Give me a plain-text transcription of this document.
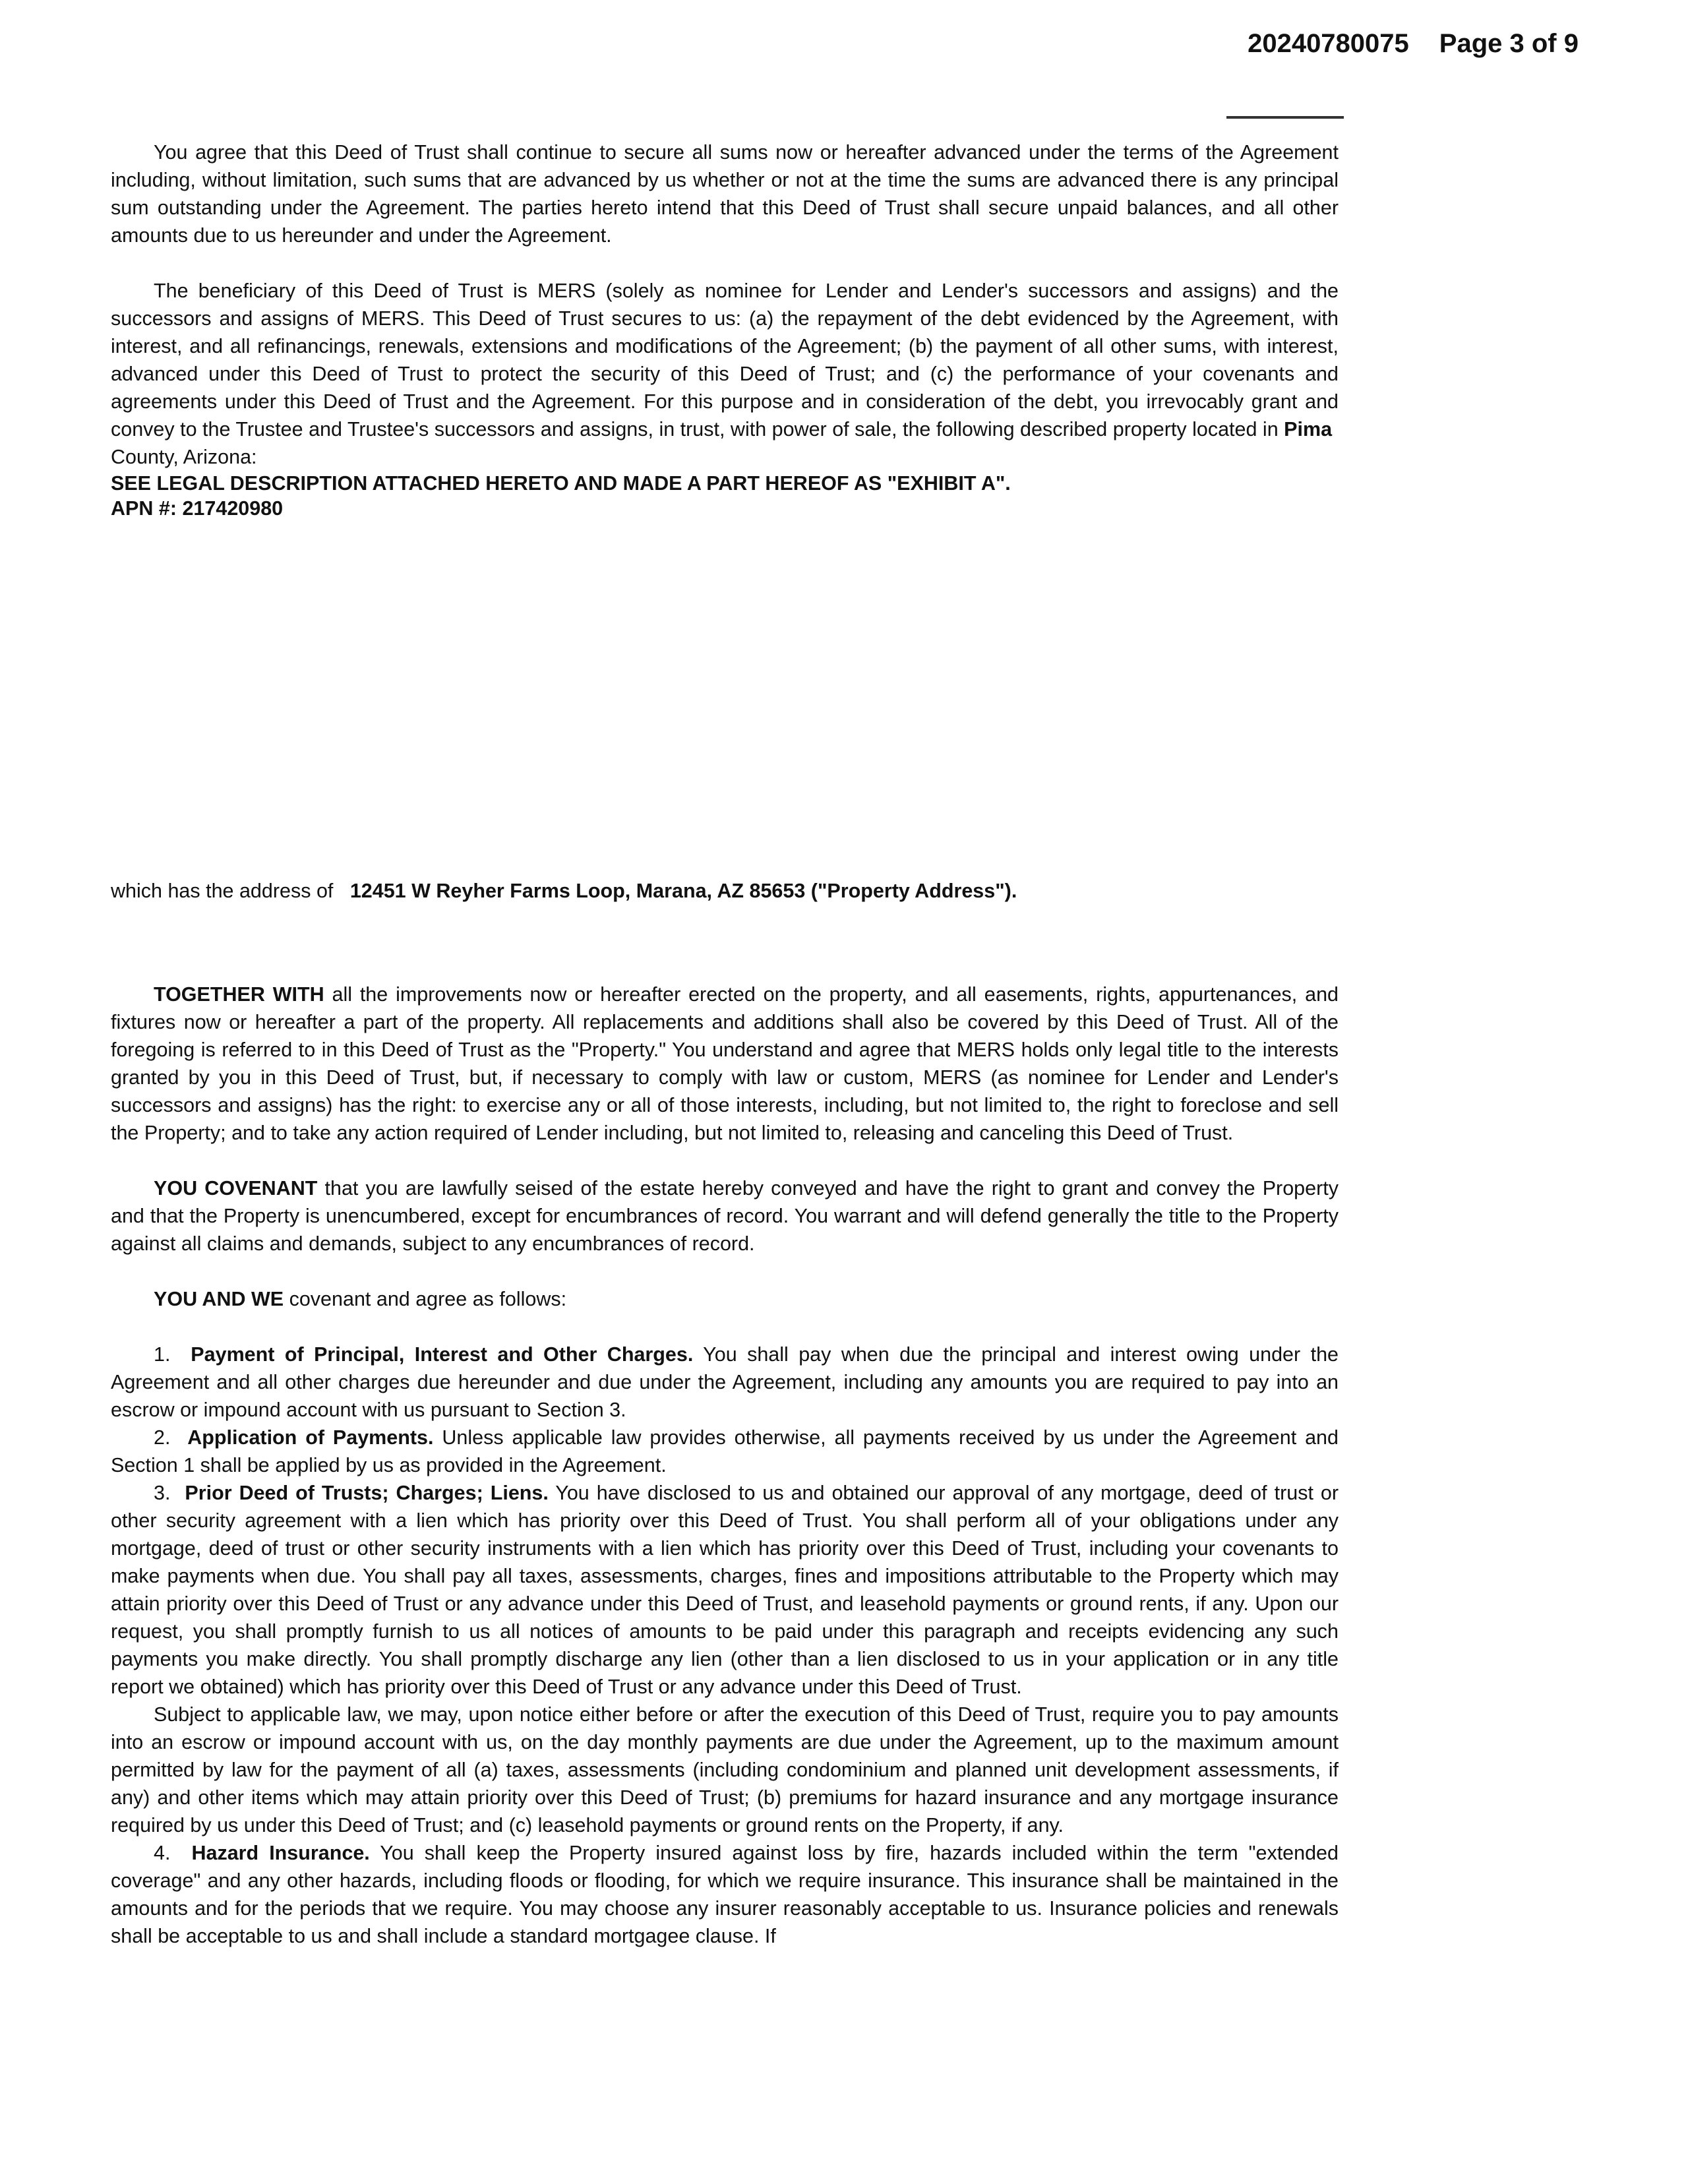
20240780075 Page 3 of 9

You agree that this Deed of Trust shall continue to secure all sums now or hereafter advanced under the terms of the Agreement including, without limitation, such sums that are advanced by us whether or not at the time the sums are advanced there is any principal sum outstanding under the Agreement. The parties hereto intend that this Deed of Trust shall secure unpaid balances, and all other amounts due to us hereunder and under the Agreement.

The beneficiary of this Deed of Trust is MERS (solely as nominee for Lender and Lender's successors and assigns) and the successors and assigns of MERS. This Deed of Trust secures to us: (a) the repayment of the debt evidenced by the Agreement, with interest, and all refinancings, renewals, extensions and modifications of the Agreement; (b) the payment of all other sums, with interest, advanced under this Deed of Trust to protect the security of this Deed of Trust; and (c) the performance of your covenants and agreements under this Deed of Trust and the Agreement. For this purpose and in consideration of the debt, you irrevocably grant and convey to the Trustee and Trustee's successors and assigns, in trust, with power of sale, the following described property located in Pima

County, Arizona:

SEE LEGAL DESCRIPTION ATTACHED HERETO AND MADE A PART HEREOF AS "EXHIBIT A".

APN #: 217420980

which has the address of 12451 W Reyher Farms Loop, Marana, AZ 85653 ("Property Address").

TOGETHER WITH all the improvements now or hereafter erected on the property, and all easements, rights, appurtenances, and fixtures now or hereafter a part of the property. All replacements and additions shall also be covered by this Deed of Trust. All of the foregoing is referred to in this Deed of Trust as the "Property." You understand and agree that MERS holds only legal title to the interests granted by you in this Deed of Trust, but, if necessary to comply with law or custom, MERS (as nominee for Lender and Lender's successors and assigns) has the right: to exercise any or all of those interests, including, but not limited to, the right to foreclose and sell the Property; and to take any action required of Lender including, but not limited to, releasing and canceling this Deed of Trust.

YOU COVENANT that you are lawfully seised of the estate hereby conveyed and have the right to grant and convey the Property and that the Property is unencumbered, except for encumbrances of record. You warrant and will defend generally the title to the Property against all claims and demands, subject to any encumbrances of record.

YOU AND WE covenant and agree as follows:

1. Payment of Principal, Interest and Other Charges. You shall pay when due the principal and interest owing under the Agreement and all other charges due hereunder and due under the Agreement, including any amounts you are required to pay into an escrow or impound account with us pursuant to Section 3.

2. Application of Payments. Unless applicable law provides otherwise, all payments received by us under the Agreement and Section 1 shall be applied by us as provided in the Agreement.

3. Prior Deed of Trusts; Charges; Liens. You have disclosed to us and obtained our approval of any mortgage, deed of trust or other security agreement with a lien which has priority over this Deed of Trust. You shall perform all of your obligations under any mortgage, deed of trust or other security instruments with a lien which has priority over this Deed of Trust, including your covenants to make payments when due. You shall pay all taxes, assessments, charges, fines and impositions attributable to the Property which may attain priority over this Deed of Trust or any advance under this Deed of Trust, and leasehold payments or ground rents, if any. Upon our request, you shall promptly furnish to us all notices of amounts to be paid under this paragraph and receipts evidencing any such payments you make directly. You shall promptly discharge any lien (other than a lien disclosed to us in your application or in any title report we obtained) which has priority over this Deed of Trust or any advance under this Deed of Trust.

Subject to applicable law, we may, upon notice either before or after the execution of this Deed of Trust, require you to pay amounts into an escrow or impound account with us, on the day monthly payments are due under the Agreement, up to the maximum amount permitted by law for the payment of all (a) taxes, assessments (including condominium and planned unit development assessments, if any) and other items which may attain priority over this Deed of Trust; (b) premiums for hazard insurance and any mortgage insurance required by us under this Deed of Trust; and (c) leasehold payments or ground rents on the Property, if any.

4. Hazard Insurance. You shall keep the Property insured against loss by fire, hazards included within the term "extended coverage" and any other hazards, including floods or flooding, for which we require insurance. This insurance shall be maintained in the amounts and for the periods that we require. You may choose any insurer reasonably acceptable to us. Insurance policies and renewals shall be acceptable to us and shall include a standard mortgagee clause. If
